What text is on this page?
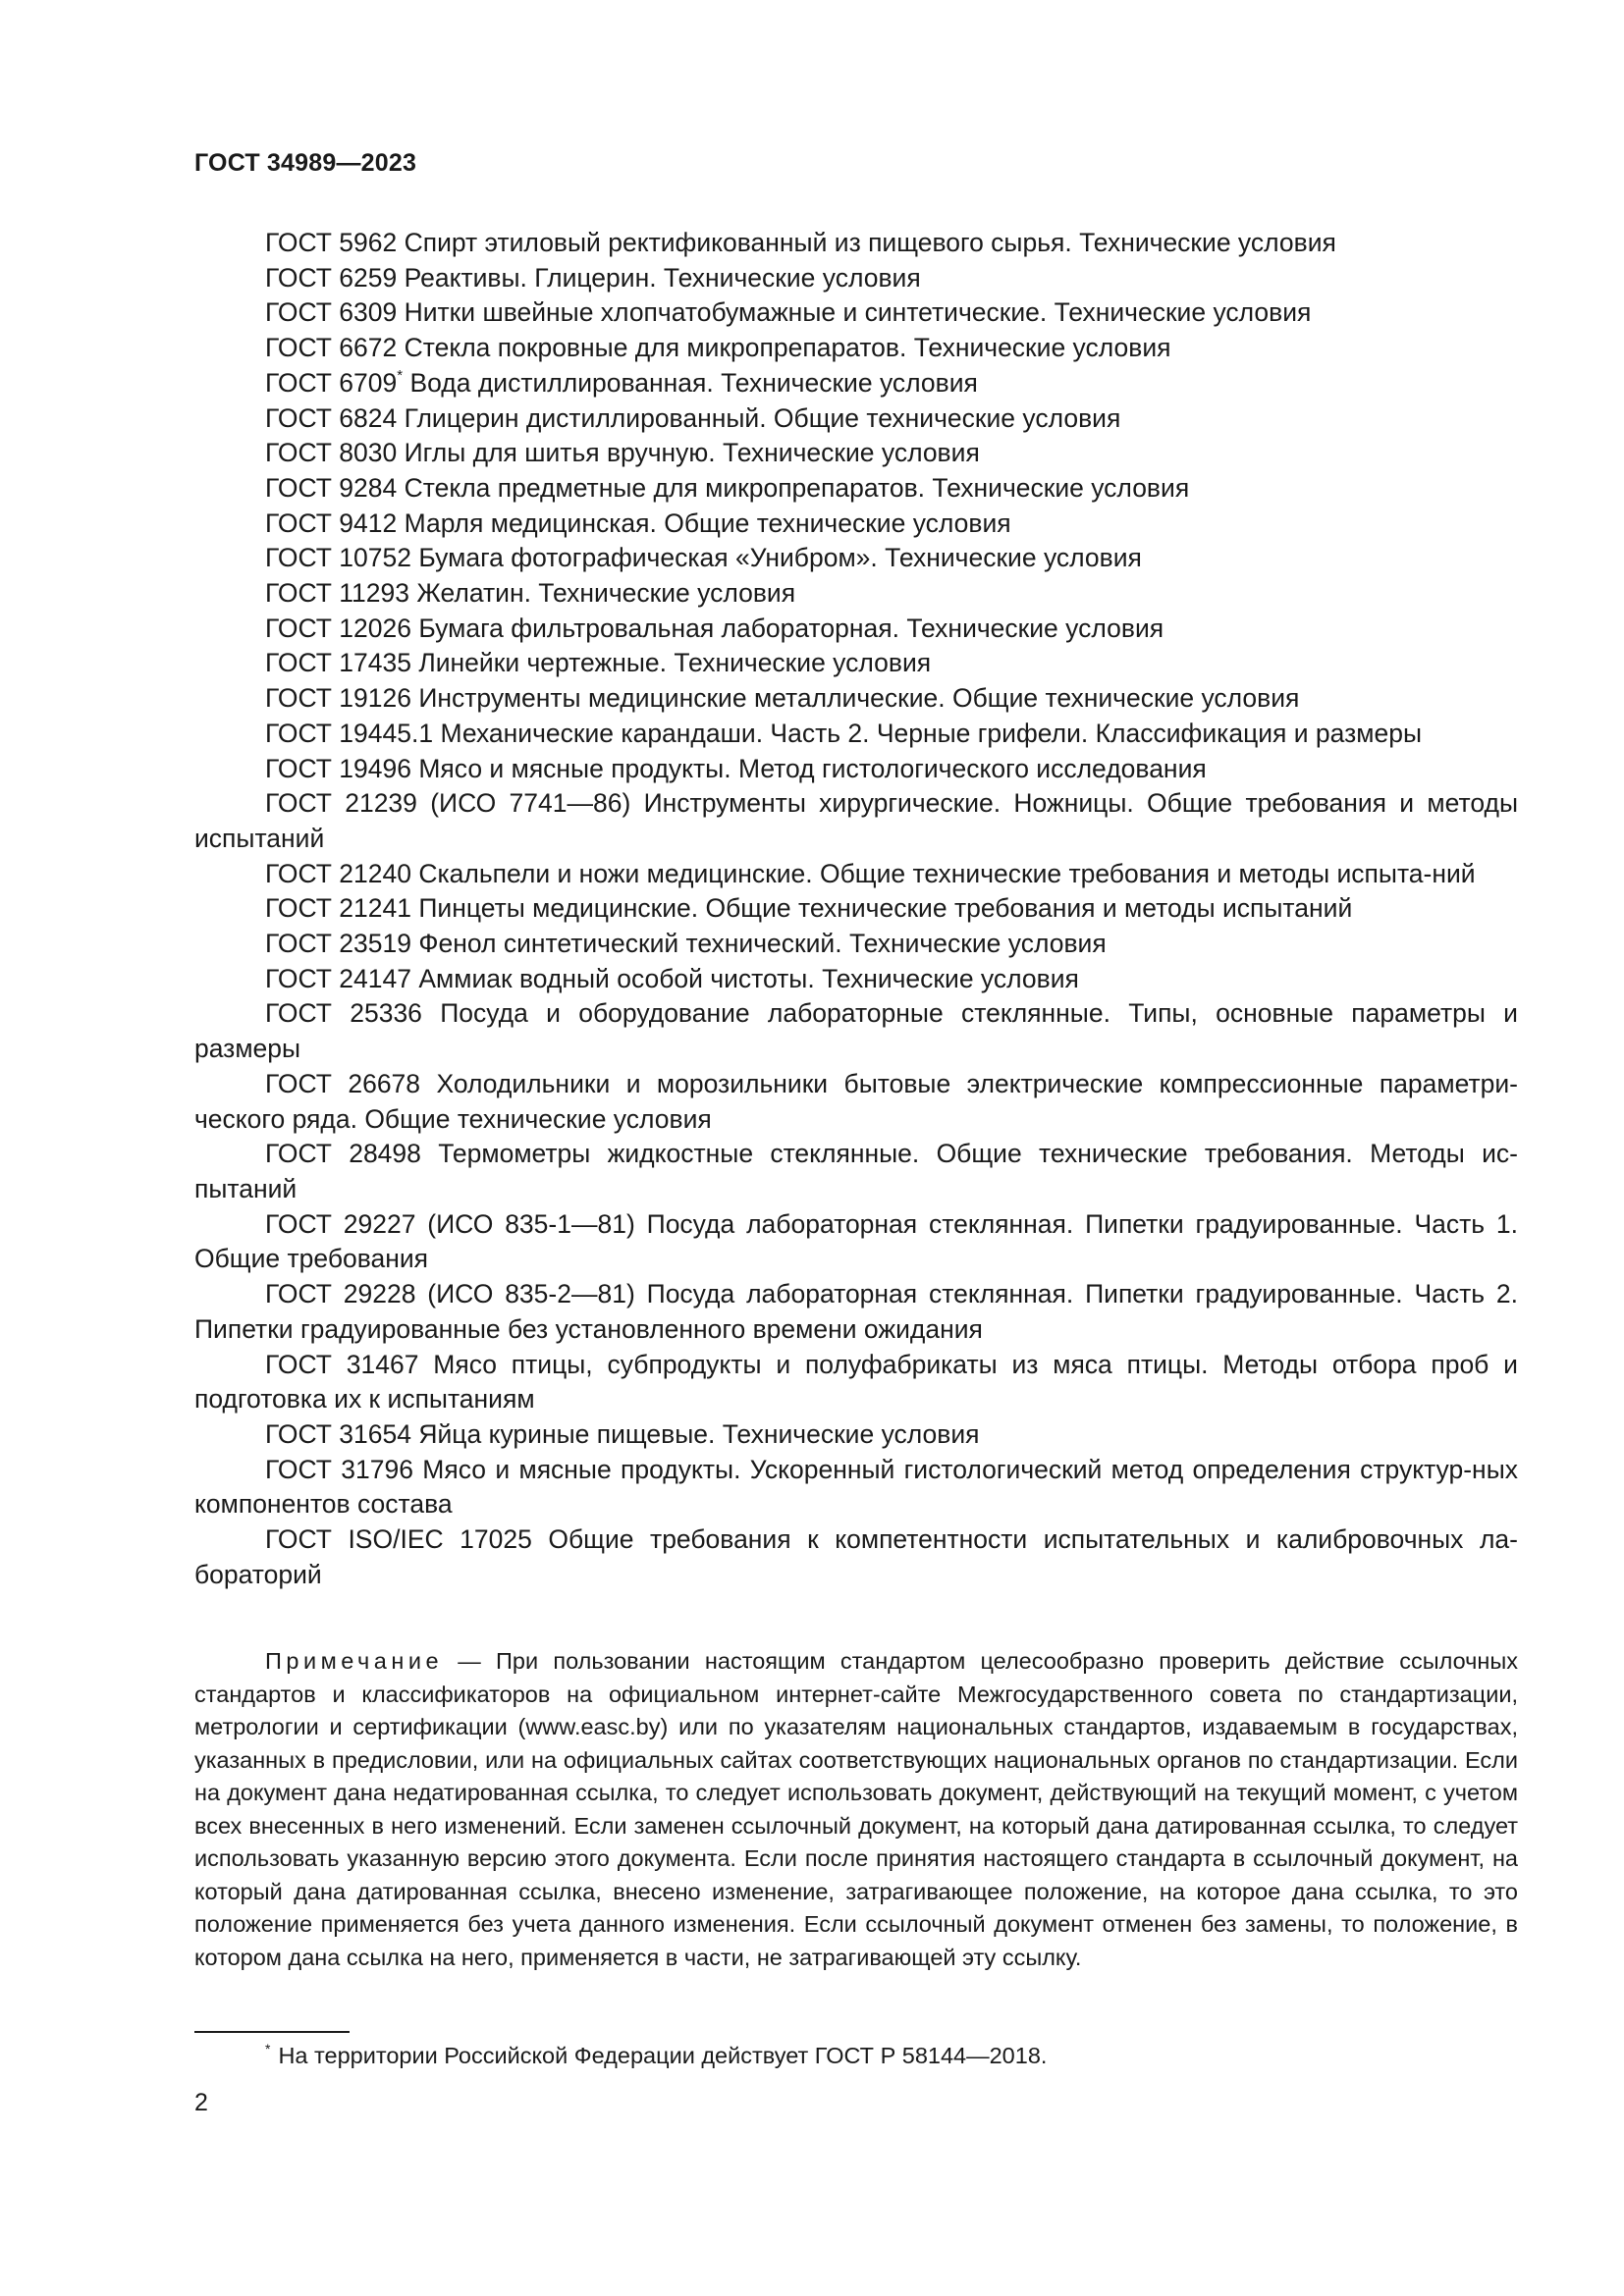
ГОСТ 34989—2023

ГОСТ 5962 Спирт этиловый ректификованный из пищевого сырья. Технические условия

ГОСТ 6259 Реактивы. Глицерин. Технические условия

ГОСТ 6309 Нитки швейные хлопчатобумажные и синтетические. Технические условия

ГОСТ 6672 Стекла покровные для микропрепаратов. Технические условия

ГОСТ 6709* Вода дистиллированная. Технические условия

ГОСТ 6824 Глицерин дистиллированный. Общие технические условия

ГОСТ 8030 Иглы для шитья вручную. Технические условия

ГОСТ 9284 Стекла предметные для микропрепаратов. Технические условия

ГОСТ 9412 Марля медицинская. Общие технические условия

ГОСТ 10752 Бумага фотографическая «Унибром». Технические условия

ГОСТ 11293 Желатин. Технические условия

ГОСТ 12026 Бумага фильтровальная лабораторная. Технические условия

ГОСТ 17435 Линейки чертежные. Технические условия

ГОСТ 19126 Инструменты медицинские металлические. Общие технические условия

ГОСТ 19445.1 Механические карандаши. Часть 2. Черные грифели. Классификация и размеры

ГОСТ 19496 Мясо и мясные продукты. Метод гистологического исследования

ГОСТ 21239 (ИСО 7741—86) Инструменты хирургические. Ножницы. Общие требования и методы испытаний

ГОСТ 21240 Скальпели и ножи медицинские. Общие технические требования и методы испыта-ний

ГОСТ 21241 Пинцеты медицинские. Общие технические требования и методы испытаний

ГОСТ 23519 Фенол синтетический технический. Технические условия

ГОСТ 24147 Аммиак водный особой чистоты. Технические условия

ГОСТ 25336 Посуда и оборудование лабораторные стеклянные. Типы, основные параметры и размеры

ГОСТ 26678 Холодильники и морозильники бытовые электрические компрессионные параметри-ческого ряда. Общие технические условия

ГОСТ 28498 Термометры жидкостные стеклянные. Общие технические требования. Методы ис-пытаний

ГОСТ 29227 (ИСО 835-1—81) Посуда лабораторная стеклянная. Пипетки градуированные. Часть 1. Общие требования

ГОСТ 29228 (ИСО 835-2—81) Посуда лабораторная стеклянная. Пипетки градуированные. Часть 2. Пипетки градуированные без установленного времени ожидания

ГОСТ 31467 Мясо птицы, субпродукты и полуфабрикаты из мяса птицы. Методы отбора проб и подготовка их к испытаниям

ГОСТ 31654 Яйца куриные пищевые. Технические условия

ГОСТ 31796 Мясо и мясные продукты. Ускоренный гистологический метод определения структур-ных компонентов состава

ГОСТ ISO/IEC 17025 Общие требования к компетентности испытательных и калибровочных ла-бораторий

Примечание — При пользовании настоящим стандартом целесообразно проверить действие ссылочных стандартов и классификаторов на официальном интернет-сайте Межгосударственного совета по стандартизации, метрологии и сертификации (www.easc.by) или по указателям национальных стандартов, издаваемым в государствах, указанных в предисловии, или на официальных сайтах соответствующих национальных органов по стандартизации. Если на документ дана недатированная ссылка, то следует использовать документ, действующий на текущий момент, с учетом всех внесенных в него изменений. Если заменен ссылочный документ, на который дана датированная ссылка, то следует использовать указанную версию этого документа. Если после принятия настоящего стандарта в ссылочный документ, на который дана датированная ссылка, внесено изменение, затрагивающее положение, на которое дана ссылка, то это положение применяется без учета данного изменения. Если ссылочный документ отменен без замены, то положение, в котором дана ссылка на него, применяется в части, не затрагивающей эту ссылку.

* На территории Российской Федерации действует ГОСТ Р 58144—2018.
2
